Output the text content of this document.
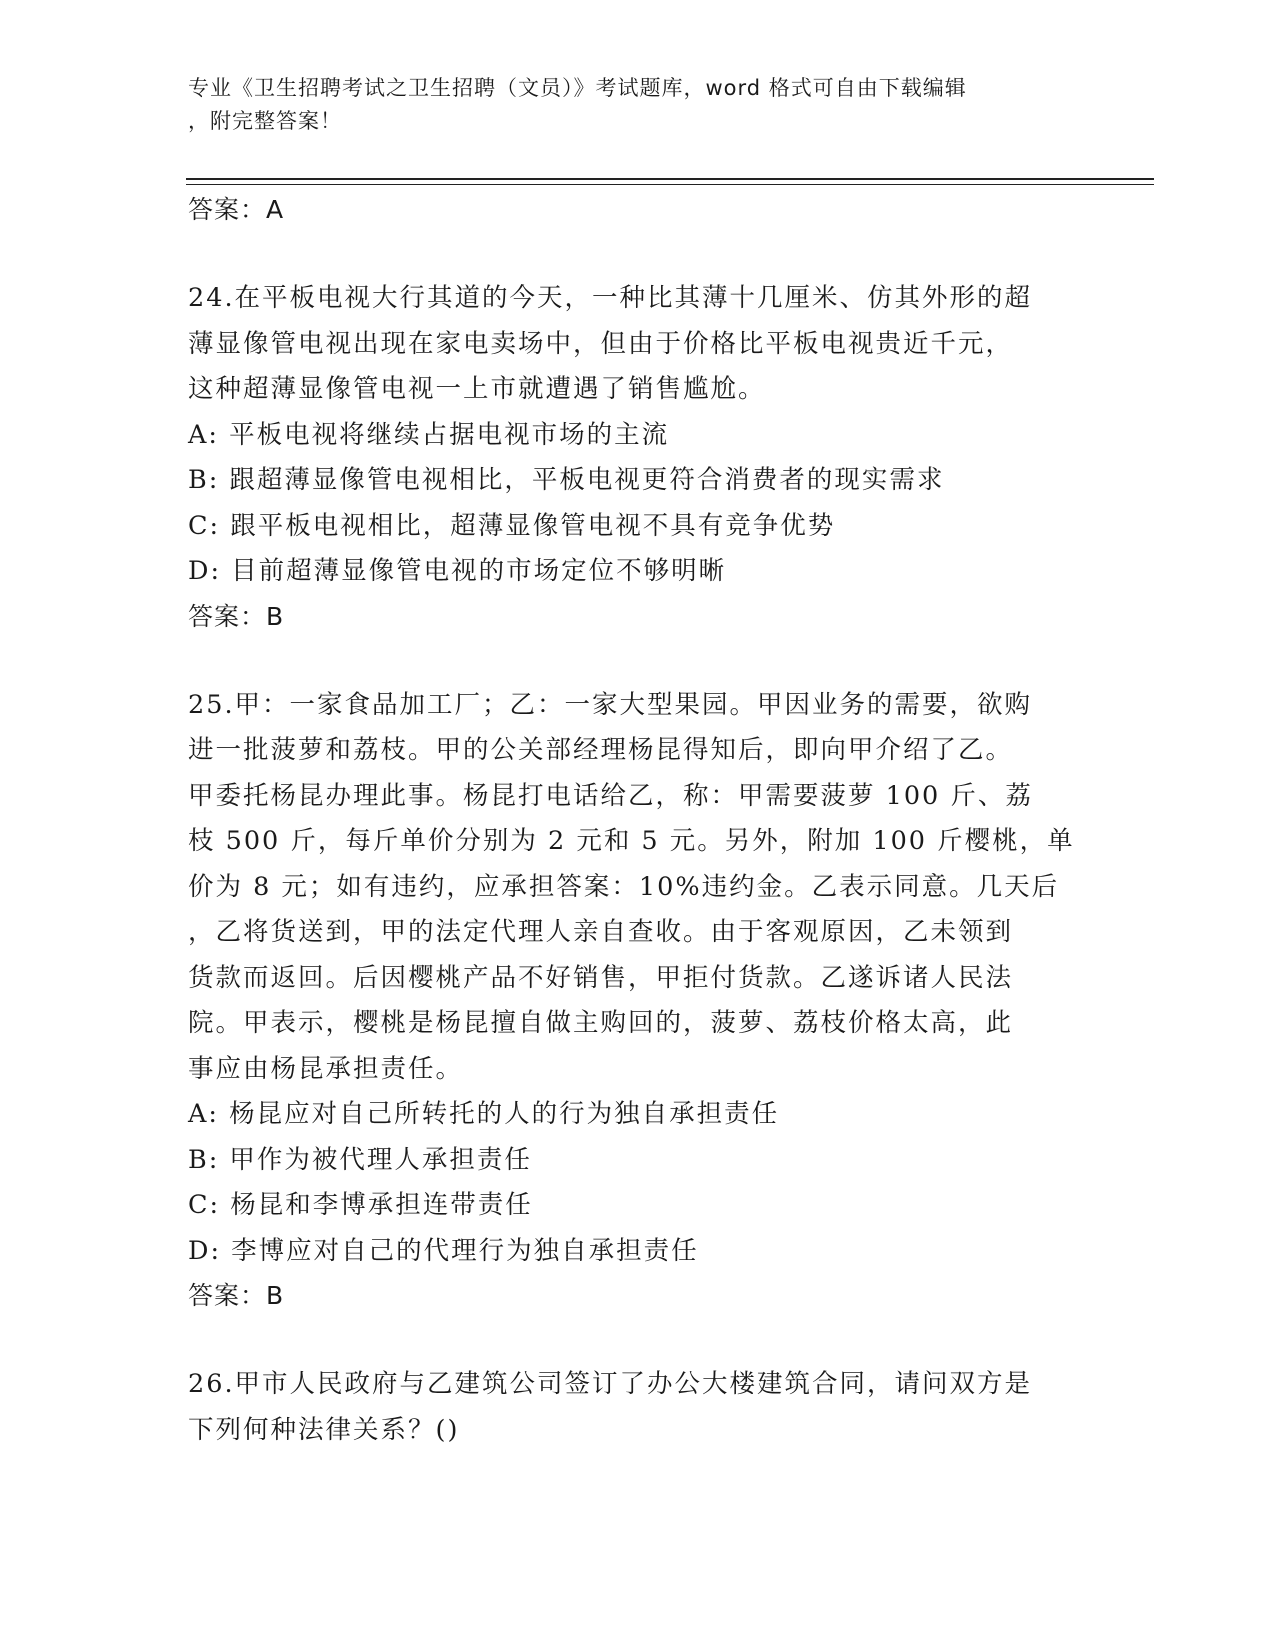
专业《卫生招聘考试之卫生招聘（文员）》考试题库，word 格式可自由下载编辑
，附完整答案！

答案：A

24.在平板电视大行其道的今天，一种比其薄十几厘米、仿其外形的超

薄显像管电视出现在家电卖场中，但由于价格比平板电视贵近千元，

这种超薄显像管电视一上市就遭遇了销售尴尬。

A: 平板电视将继续占据电视市场的主流

B: 跟超薄显像管电视相比，平板电视更符合消费者的现实需求

C: 跟平板电视相比，超薄显像管电视不具有竞争优势

D: 目前超薄显像管电视的市场定位不够明晰

答案：B

25.甲：一家食品加工厂；乙：一家大型果园。甲因业务的需要，欲购

进一批菠萝和荔枝。甲的公关部经理杨昆得知后，即向甲介绍了乙。

甲委托杨昆办理此事。杨昆打电话给乙，称：甲需要菠萝 100 斤、荔

枝 500 斤，每斤单价分别为 2 元和 5 元。另外，附加 100 斤樱桃，单

价为 8 元；如有违约，应承担答案：10%违约金。乙表示同意。几天后

，乙将货送到，甲的法定代理人亲自查收。由于客观原因，乙未领到

货款而返回。后因樱桃产品不好销售，甲拒付货款。乙遂诉诸人民法

院。甲表示，樱桃是杨昆擅自做主购回的，菠萝、荔枝价格太高，此

事应由杨昆承担责任。

A: 杨昆应对自己所转托的人的行为独自承担责任

B: 甲作为被代理人承担责任

C: 杨昆和李博承担连带责任

D: 李博应对自己的代理行为独自承担责任

答案：B

26.甲市人民政府与乙建筑公司签订了办公大楼建筑合同，请问双方是

下列何种法律关系？()
